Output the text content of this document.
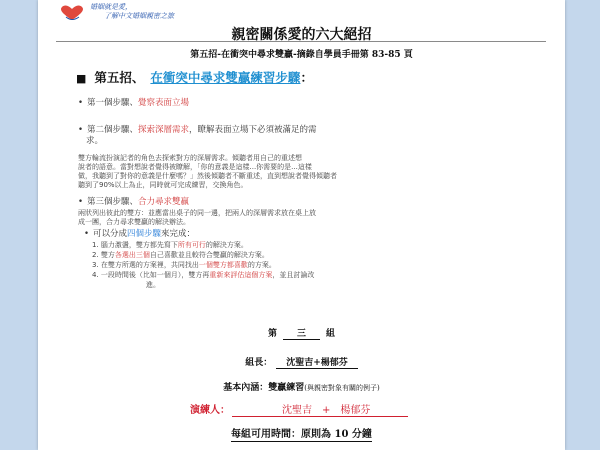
婚姻就是愛，
了解中文婚姻親密之旅
親密關係愛的六大絕招
第五招-在衝突中尋求雙贏-摘錄自學員手冊第 83-85 頁
■ 第五招、 在衝突中尋求雙贏練習步驟：
• 第一個步驟、覺察表面立場
• 第二個步驟、探索深層需求，瞭解表面立場下必須被滿足的需
求。
雙方輪流扮演記者的角色去探索對方的深層需求。傾聽者用自己的重述想
說者的語意。當對想說者覺得被瞭解，「你的意義是這樣...你需要的是...這樣
做，我聽到了對你的意義是什麼嗎？」然後傾聽者不斷重述，直到想說者覺得傾聽者
聽到了90%以上為止，同時就可完成練習，交換角色。
• 第三個步驟、合力尋求雙贏
兩狀列出彼此的雙方：並應當出桌子的同一邊，把兩人的深層需求放在桌上放
成一團，合力尋求雙贏的解決辦法。
• 可以分成四個步驟來完成：
1. 腦力激盪，雙方都先寫下所有可行的解決方案。
2. 雙方各選出三個自己喜歡並且較符合雙贏的解決方案。
3. 在雙方所選的方案裡，共同找出一個雙方都喜歡的方案。
4. 一段時間後（比如一個月），雙方再重新來評估這個方案，並且討論改
進。
第 三 組
組長： 沈聖吉+楊郁芬
基本內涵：雙贏練習(與親密對象有關的例子)
演練人：	沈聖吉 + 楊郁芬
每組可用時間：原則為 10 分鐘
